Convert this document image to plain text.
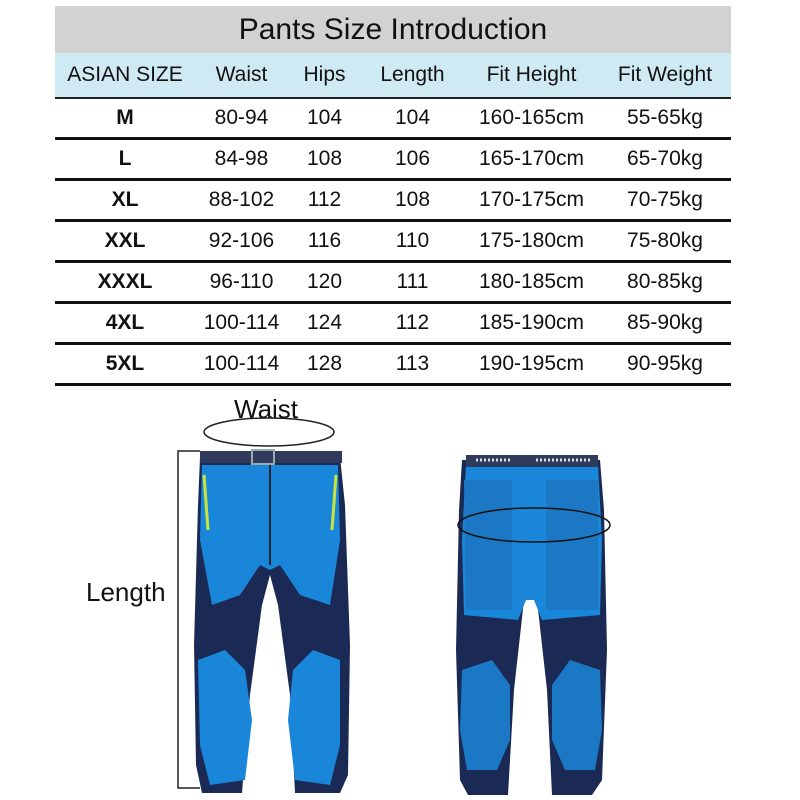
Pants Size Introduction
ASIAN SIZE	Waist	Hips	Length	Fit Height	Fit Weight
M	80-94	104	104	160-165cm	55-65kg
L	84-98	108	106	165-170cm	65-70kg
XL	88-102	112	108	170-175cm	70-75kg
XXL	92-106	116	110	175-180cm	75-80kg
XXXL	96-110	120	111	180-185cm	80-85kg
4XL	100-114	124	112	185-190cm	85-90kg
5XL	100-114	128	113	190-195cm	90-95kg
Waist
Length
